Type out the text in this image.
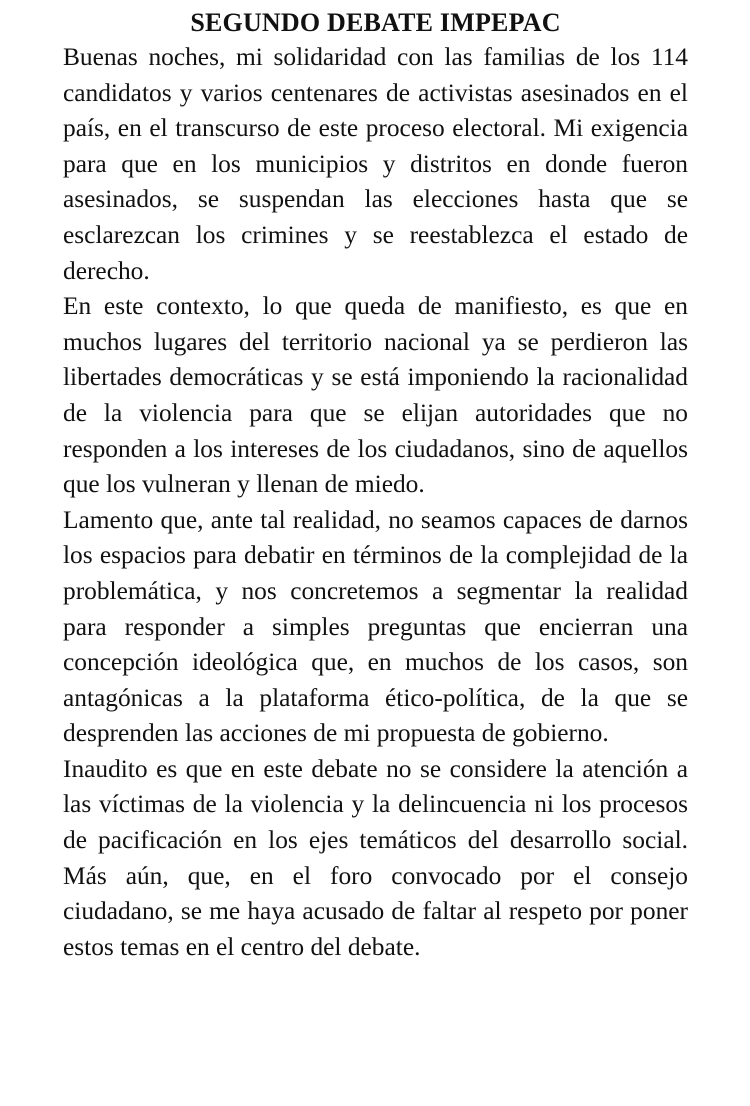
SEGUNDO DEBATE IMPEPAC

Buenas noches, mi solidaridad con las familias de los 114 candidatos y varios centenares de activistas asesinados en el país, en el transcurso de este proceso electoral. Mi exigencia para que en los municipios y distritos en donde fueron asesinados, se suspendan las elecciones hasta que se esclarezcan los crimines y se reestablezca el estado de derecho.

En este contexto, lo que queda de manifiesto, es que en muchos lugares del territorio nacional ya se perdieron las libertades democráticas y se está imponiendo la racionalidad de la violencia para que se elijan autoridades que no responden a los intereses de los ciudadanos, sino de aquellos que los vulneran y llenan de miedo.

Lamento que, ante tal realidad, no seamos capaces de darnos los espacios para debatir en términos de la complejidad de la problemática, y nos concretemos a segmentar la realidad para responder a simples preguntas que encierran una concepción ideológica que, en muchos de los casos, son antagónicas a la plataforma ético-política, de la que se desprenden las acciones de mi propuesta de gobierno.

Inaudito es que en este debate no se considere la atención a las víctimas de la violencia y la delincuencia ni los procesos de pacificación en los ejes temáticos del desarrollo social. Más aún, que, en el foro convocado por el consejo ciudadano, se me haya acusado de faltar al respeto por poner estos temas en el centro del debate.
